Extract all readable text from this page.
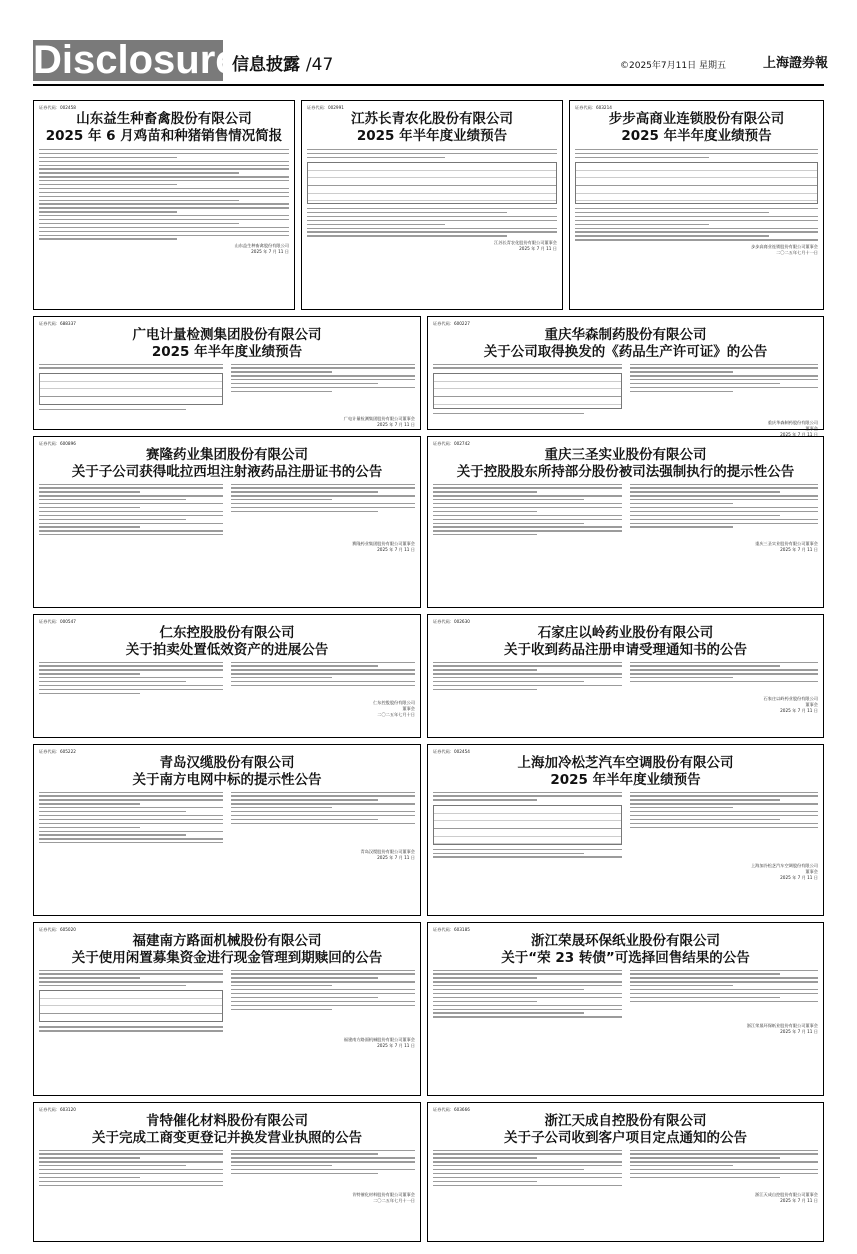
Disclosure
信息披露 /47	©2025年7月11日 星期五	上海證券報
证券代码：002458
山东益生种畜禽股份有限公司
2025 年 6 月鸡苗和种猪销售情况简报
山东益生种畜禽股份有限公司
2025 年 7 月 11 日
证券代码：002991
江苏长青农化股份有限公司
2025 年半年度业绩预告
江苏长青农化股份有限公司董事会
2025 年 7 月 11 日
证券代码：603214
步步高商业连锁股份有限公司
2025 年半年度业绩预告
步步高商业连锁股份有限公司董事会
二〇二五年七月十一日
证券代码：688337
广电计量检测集团股份有限公司
2025 年半年度业绩预告
广电计量检测集团股份有限公司董事会
2025 年 7 月 11 日
证券代码：600227
重庆华森制药股份有限公司
关于公司取得换发的《药品生产许可证》的公告
重庆华森制药股份有限公司
董事会
2025 年 7 月 11 日
证券代码：600896
赛隆药业集团股份有限公司
关于子公司获得吡拉西坦注射液药品注册证书的公告
赛隆药业集团股份有限公司董事会
2025 年 7 月 11 日
证券代码：002742
重庆三圣实业股份有限公司
关于控股股东所持部分股份被司法强制执行的提示性公告
重庆三圣实业股份有限公司董事会
2025 年 7 月 11 日
证券代码：000547
仁东控股股份有限公司
关于拍卖处置低效资产的进展公告
仁东控股股份有限公司
董事会
二〇二五年七月十日
证券代码：002630
石家庄以岭药业股份有限公司
关于收到药品注册申请受理通知书的公告
石家庄以岭药业股份有限公司
董事会
2025 年 7 月 11 日
证券代码：605222
青岛汉缆股份有限公司
关于南方电网中标的提示性公告
青岛汉缆股份有限公司董事会
2025 年 7 月 11 日
证券代码：002454
上海加冷松芝汽车空调股份有限公司
2025 年半年度业绩预告
上海加冷松芝汽车空调股份有限公司
董事会
2025 年 7 月 11 日
证券代码：605020
福建南方路面机械股份有限公司
关于使用闲置募集资金进行现金管理到期赎回的公告
福建南方路面机械股份有限公司董事会
2025 年 7 月 11 日
证券代码：603185
浙江荣晟环保纸业股份有限公司
关于“荣 23 转债”可选择回售结果的公告
浙江荣晟环保纸业股份有限公司董事会
2025 年 7 月 11 日
证券代码：603120
肯特催化材料股份有限公司
关于完成工商变更登记并换发营业执照的公告
肯特催化材料股份有限公司董事会
二〇二五年七月十一日
证券代码：603666
浙江天成自控股份有限公司
关于子公司收到客户项目定点通知的公告
浙江天成自控股份有限公司董事会
2025 年 7 月 11 日
